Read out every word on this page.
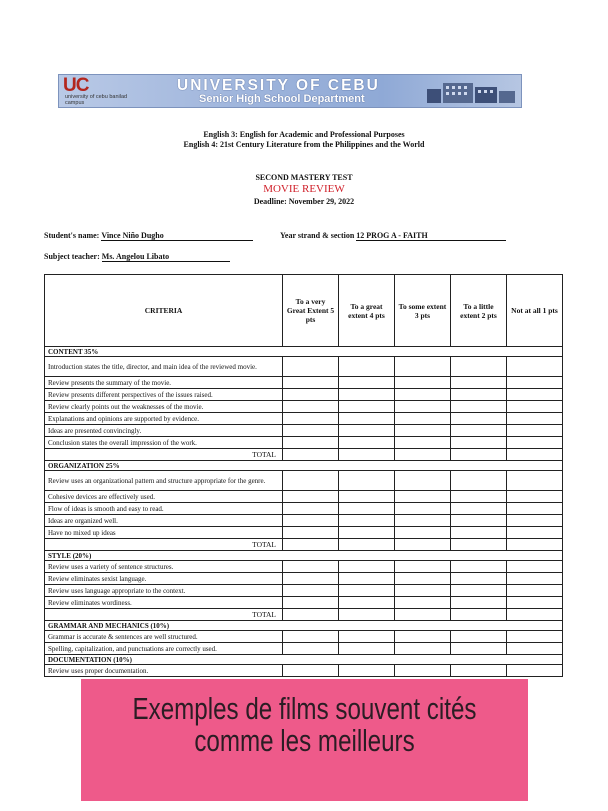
UC
university of cebu banilad campus
UNIVERSITY OF CEBU
Senior High School Department
English 3: English for Academic and Professional Purposes
English 4: 21st Century Literature from the Philippines and the World
SECOND MASTERY TEST
MOVIE REVIEW
Deadline: November 29, 2022
Student's name: Vince Niño Dugho	Year strand & section 12 PROG A - FAITH
Subject teacher: Ms. Angelou Libato
CRITERIA	To a very Great Extent 5 pts	To a great extent 4 pts	To some extent 3 pts	To a little extent 2 pts	Not at all 1 pts
CONTENT 35%					
Introduction states the title, director, and main idea of the reviewed movie.					
Review presents the summary of the movie.					
Review presents different perspectives of the issues raised.					
Review clearly points out the weaknesses of the movie.					
Explanations and opinions are supported by evidence.					
Ideas are presented convincingly.					
Conclusion states the overall impression of the work.					
TOTAL					
ORGANIZATION 25%					
Review uses an organizational pattern and structure appropriate for the genre.					
Cohesive devices are effectively used.					
Flow of ideas is smooth and easy to read.					
Ideas are organized well.					
Have no mixed up ideas					
TOTAL					
STYLE (20%)					
Review uses a variety of sentence structures.					
Review eliminates sexist language.					
Review uses language appropriate to the context.					
Review eliminates wordiness.					
TOTAL					
GRAMMAR AND MECHANICS (10%)					
Grammar is accurate & sentences are well structured.					
Spelling, capitalization, and punctuations are correctly used.					
DOCUMENTATION (10%)					
Review uses proper documentation.					
Exemples de films souvent cités comme les meilleurs
